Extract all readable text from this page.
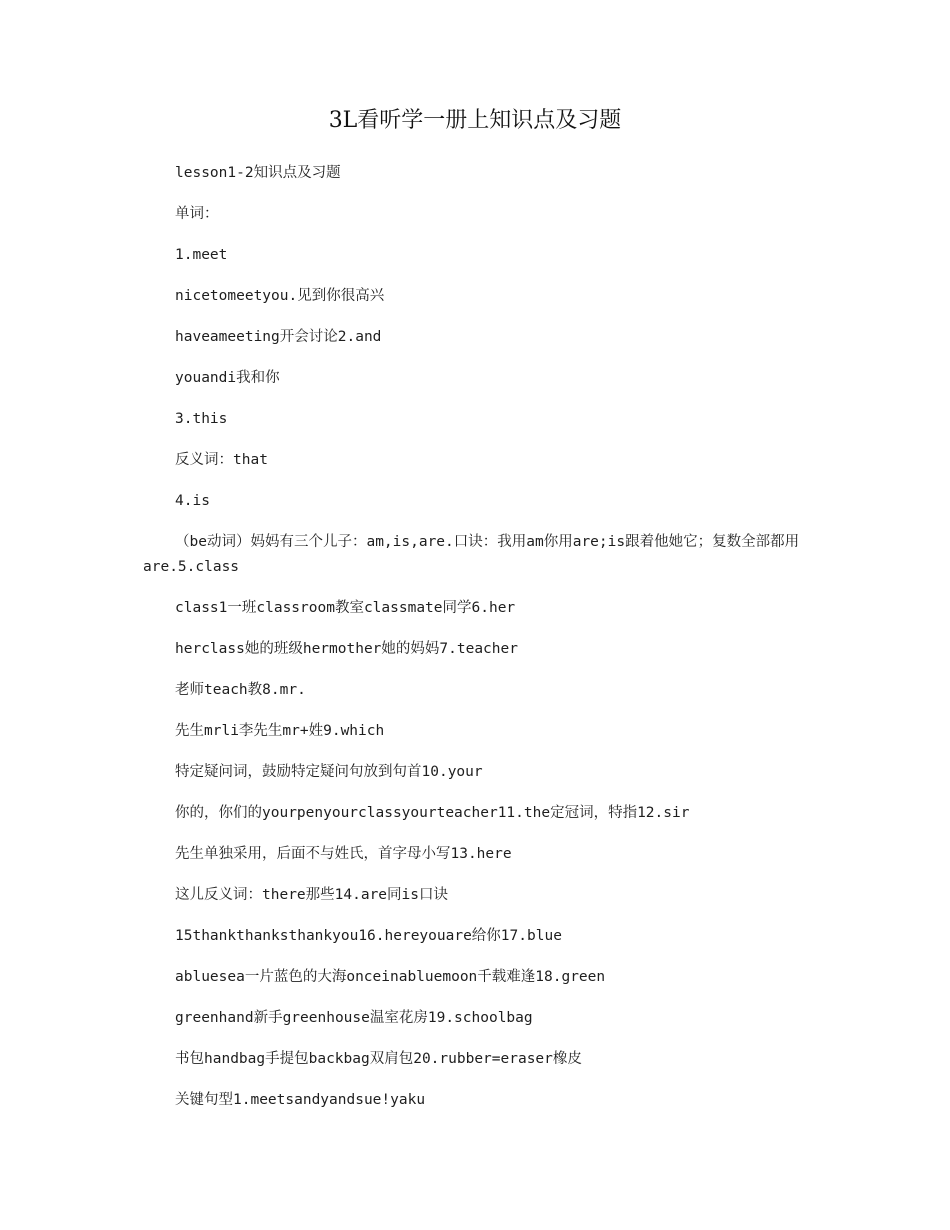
3L看听学一册上知识点及习题
lesson1-2知识点及习题
单词：
1.meet
nicetomeetyou.见到你很高兴
haveameeting开会讨论2.and
youandi我和你
3.this
反义词：that
4.is
（be动词）妈妈有三个儿子：am,is,are.口诀：我用am你用are;is跟着他她它；复数全部都用are.5.class
class1一班classroom教室classmate同学6.her
herclass她的班级hermother她的妈妈7.teacher
老师teach教8.mr.
先生mrli李先生mr+姓9.which
特定疑问词，鼓励特定疑问句放到句首10.your
你的，你们的yourpenyourclassyourteacher11.the定冠词，特指12.sir
先生单独采用，后面不与姓氏，首字母小写13.here
这儿反义词：there那些14.are同is口诀
15thankthanksthankyou16.hereyouare给你17.blue
abluesea一片蓝色的大海onceinabluemoon千载难逢18.green
greenhand新手greenhouse温室花房19.schoolbag
书包handbag手提包backbag双肩包20.rubber=eraser橡皮
关键句型1.meetsandyandsue!yaku
